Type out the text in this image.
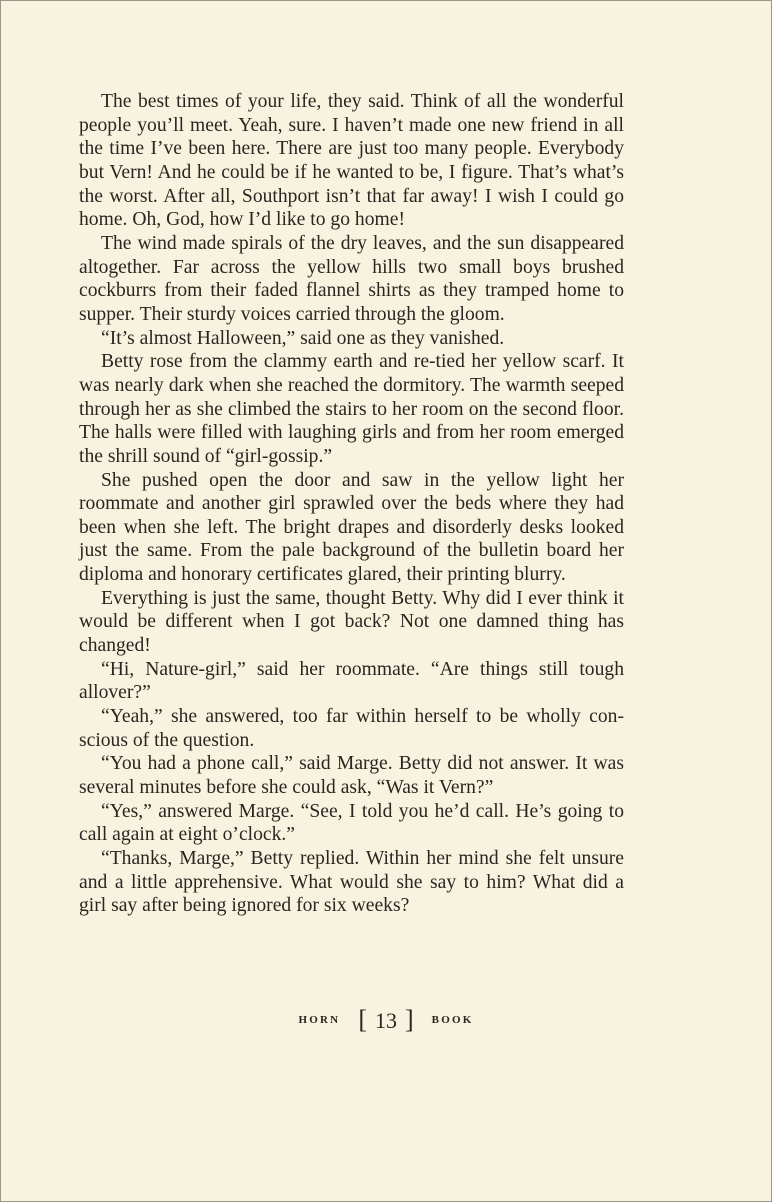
The best times of your life, they said. Think of all the wonderful people you’ll meet. Yeah, sure. I haven’t made one new friend in all the time I’ve been here. There are just too many people. Everybody but Vern! And he could be if he wanted to be, I figure. That’s what’s the worst. After all, Southport isn’t that far away! I wish I could go home. Oh, God, how I’d like to go home!

The wind made spirals of the dry leaves, and the sun disappeared altogether. Far across the yellow hills two small boys brushed cockburrs from their faded flannel shirts as they tramped home to supper. Their sturdy voices carried through the gloom.

“It’s almost Halloween,” said one as they vanished.

Betty rose from the clammy earth and re-tied her yellow scarf. It was nearly dark when she reached the dormitory. The warmth seeped through her as she climbed the stairs to her room on the second floor. The halls were filled with laughing girls and from her room emerged the shrill sound of “girl-gossip.”

She pushed open the door and saw in the yellow light her roommate and another girl sprawled over the beds where they had been when she left. The bright drapes and disorderly desks looked just the same. From the pale background of the bulletin board her diploma and honorary certificates glared, their printing blurry.

Everything is just the same, thought Betty. Why did I ever think it would be different when I got back? Not one damned thing has changed!

“Hi, Nature-girl,” said her roommate. “Are things still tough allover?”

“Yeah,” she answered, too far within herself to be wholly conscious of the question.

“You had a phone call,” said Marge. Betty did not answer. It was several minutes before she could ask, “Was it Vern?”

“Yes,” answered Marge. “See, I told you he’d call. He’s going to call again at eight o’clock.”

“Thanks, Marge,” Betty replied. Within her mind she felt unsure and a little apprehensive. What would she say to him? What did a girl say after being ignored for six weeks?

HORN [ 13 ] BOOK
